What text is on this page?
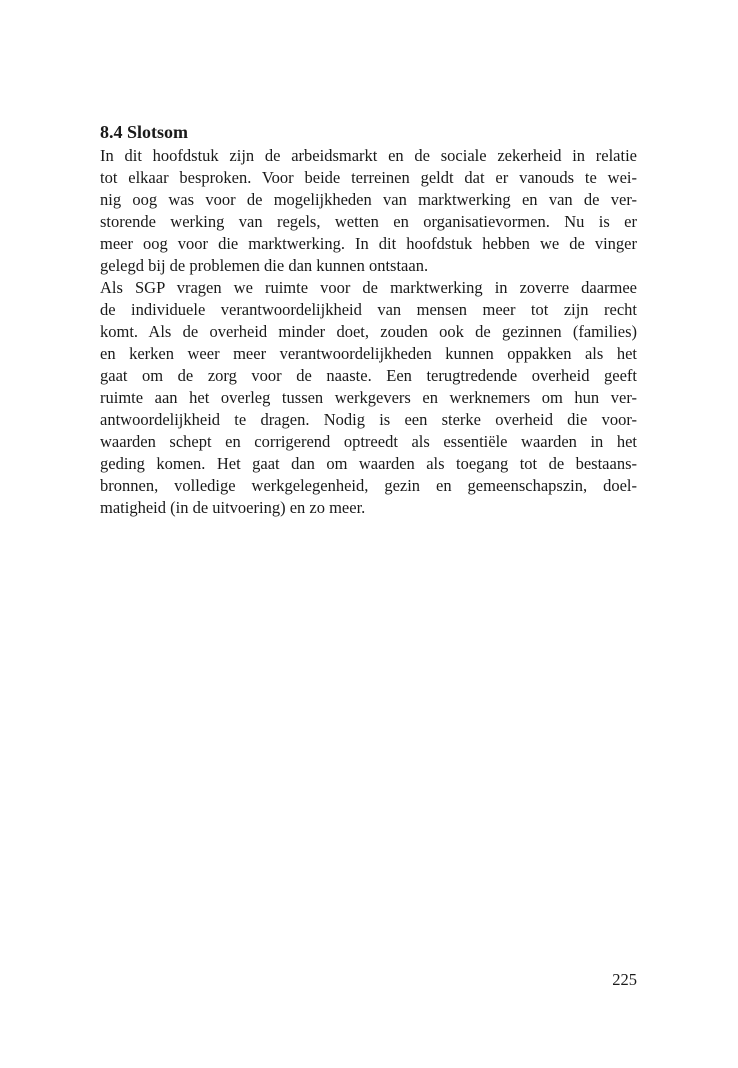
8.4 Slotsom

In dit hoofdstuk zijn de arbeidsmarkt en de sociale zekerheid in relatie
tot elkaar besproken. Voor beide terreinen geldt dat er vanouds te wei-
nig oog was voor de mogelijkheden van marktwerking en van de ver-
storende werking van regels, wetten en organisatievormen. Nu is er
meer oog voor die marktwerking. In dit hoofdstuk hebben we de vinger
gelegd bij de problemen die dan kunnen ontstaan.

Als SGP vragen we ruimte voor de marktwerking in zoverre daarmee
de individuele verantwoordelijkheid van mensen meer tot zijn recht
komt. Als de overheid minder doet, zouden ook de gezinnen (families)
en kerken weer meer verantwoordelijkheden kunnen oppakken als het
gaat om de zorg voor de naaste. Een terugtredende overheid geeft
ruimte aan het overleg tussen werkgevers en werknemers om hun ver-
antwoordelijkheid te dragen. Nodig is een sterke overheid die voor-
waarden schept en corrigerend optreedt als essentiële waarden in het
geding komen. Het gaat dan om waarden als toegang tot de bestaans-
bronnen, volledige werkgelegenheid, gezin en gemeenschapszin, doel-
matigheid (in de uitvoering) en zo meer.

225
